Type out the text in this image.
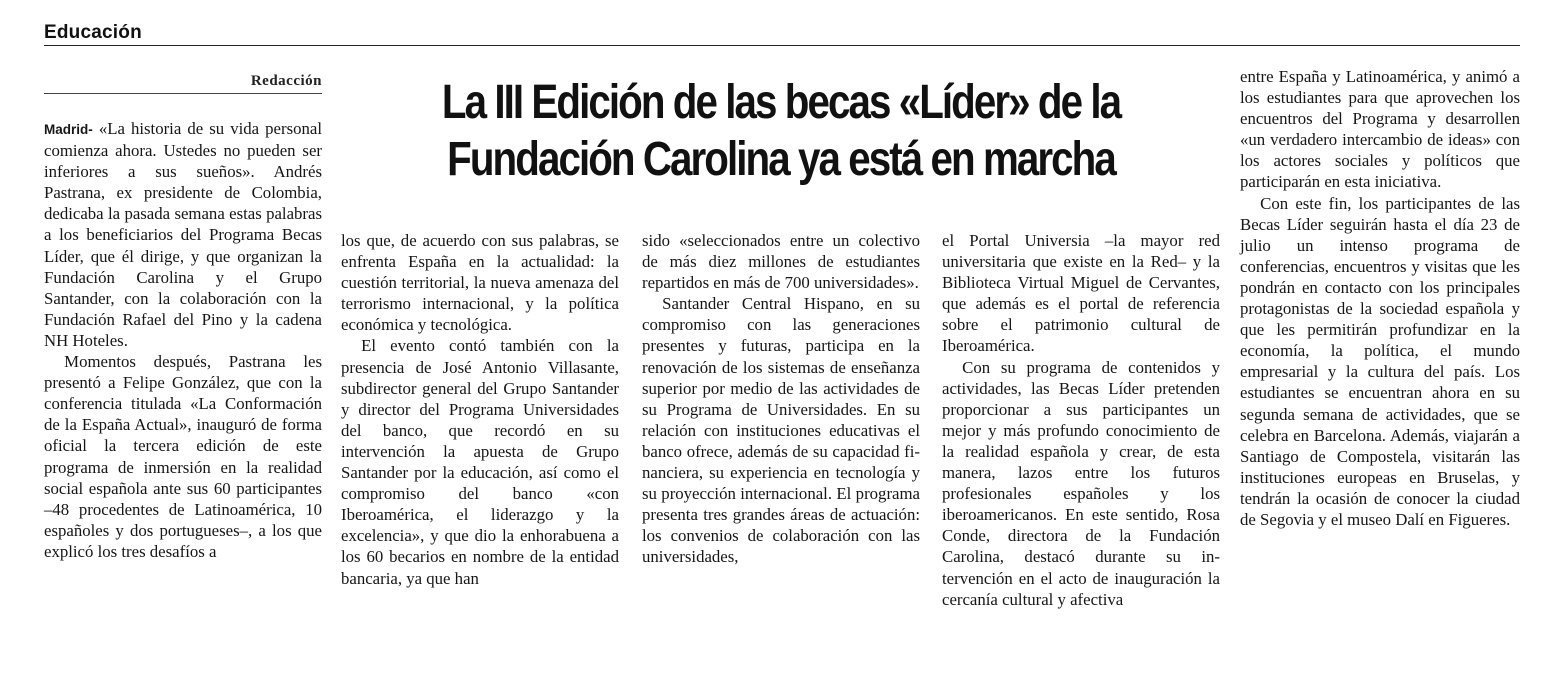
Educación
Redacción	La III Edición de las becas «Líder» de la Fundación Carolina ya está en marcha

Madrid- «La historia de su vida personal comienza ahora. Ustedes no pueden ser inferiores a sus sueños». Andrés Pastrana, ex presidente de Colombia, dedicaba la pasada semana estas palabras a los beneficiarios del Programa Becas Líder, que él dirige, y que organizan la Fundación Carolina y el Grupo Santander, con la colaboración con la Fundación Rafael del Pino y la cadena NH Hoteles.

Momentos después, Pastrana les presentó a Felipe González, que con la conferencia titulada «La Conformación de la España Actual», inauguró de forma oficial la tercera edición de este programa de inmersión en la realidad social española ante sus 60 participantes –48 procedentes de Latinoamérica, 10 españoles y dos portugueses–, a los que explicó los tres desafíos a

los que, de acuerdo con sus palabras, se enfrenta España en la actualidad: la cuestión territorial, la nueva amenaza del terrorismo internacional, y la política económica y tecnológica.

El evento contó también con la presencia de José Antonio Villasante, subdirector general del Grupo Santander y director del Programa Universidades del banco, que recordó en su intervención la apuesta de Grupo Santander por la educación, así como el compromiso del banco «con Iberoamérica, el liderazgo y la excelencia», y que dio la enhorabuena a los 60 becarios en nombre de la entidad bancaria, ya que han

sido «seleccionados entre un colectivo de más diez millones de estudiantes repartidos en más de 700 universidades».

Santander Central Hispano, en su compromiso con las generaciones presentes y futuras, participa en la renovación de los sistemas de enseñanza superior por medio de las actividades de su Programa de Universidades. En su relación con instituciones educativas el banco ofrece, además de su capacidad financiera, su experiencia en tecnología y su proyección internacional. El programa presenta tres grandes áreas de actuación: los convenios de colaboración con las universidades,

el Portal Universia –la mayor red universitaria que existe en la Red– y la Biblioteca Virtual Miguel de Cervantes, que además es el portal de referencia sobre el patrimonio cultural de Iberoamérica.

Con su programa de contenidos y actividades, las Becas Líder pretenden proporcionar a sus participantes un mejor y más profundo conocimiento de la realidad española y crear, de esta manera, lazos entre los futuros profesionales españoles y los iberoamericanos. En este sentido, Rosa Conde, directora de la Fundación Carolina, destacó durante su intervención en el acto de inauguración la cercanía cultural y afectiva

entre España y Latinoamérica, y animó a los estudiantes para que aprovechen los encuentros del Programa y desarrollen «un verdadero intercambio de ideas» con los actores sociales y políticos que participarán en esta iniciativa.

Con este fin, los participantes de las Becas Líder seguirán hasta el día 23 de julio un intenso programa de conferencias, encuentros y visitas que les pondrán en contacto con los principales protagonistas de la sociedad española y que les permitirán profundizar en la economía, la política, el mundo empresarial y la cultura del país. Los estudiantes se encuentran ahora en su segunda semana de actividades, que se celebra en Barcelona. Además, viajarán a Santiago de Compostela, visitarán las instituciones europeas en Bruselas, y tendrán la ocasión de conocer la ciudad de Segovia y el museo Dalí en Figueres.
